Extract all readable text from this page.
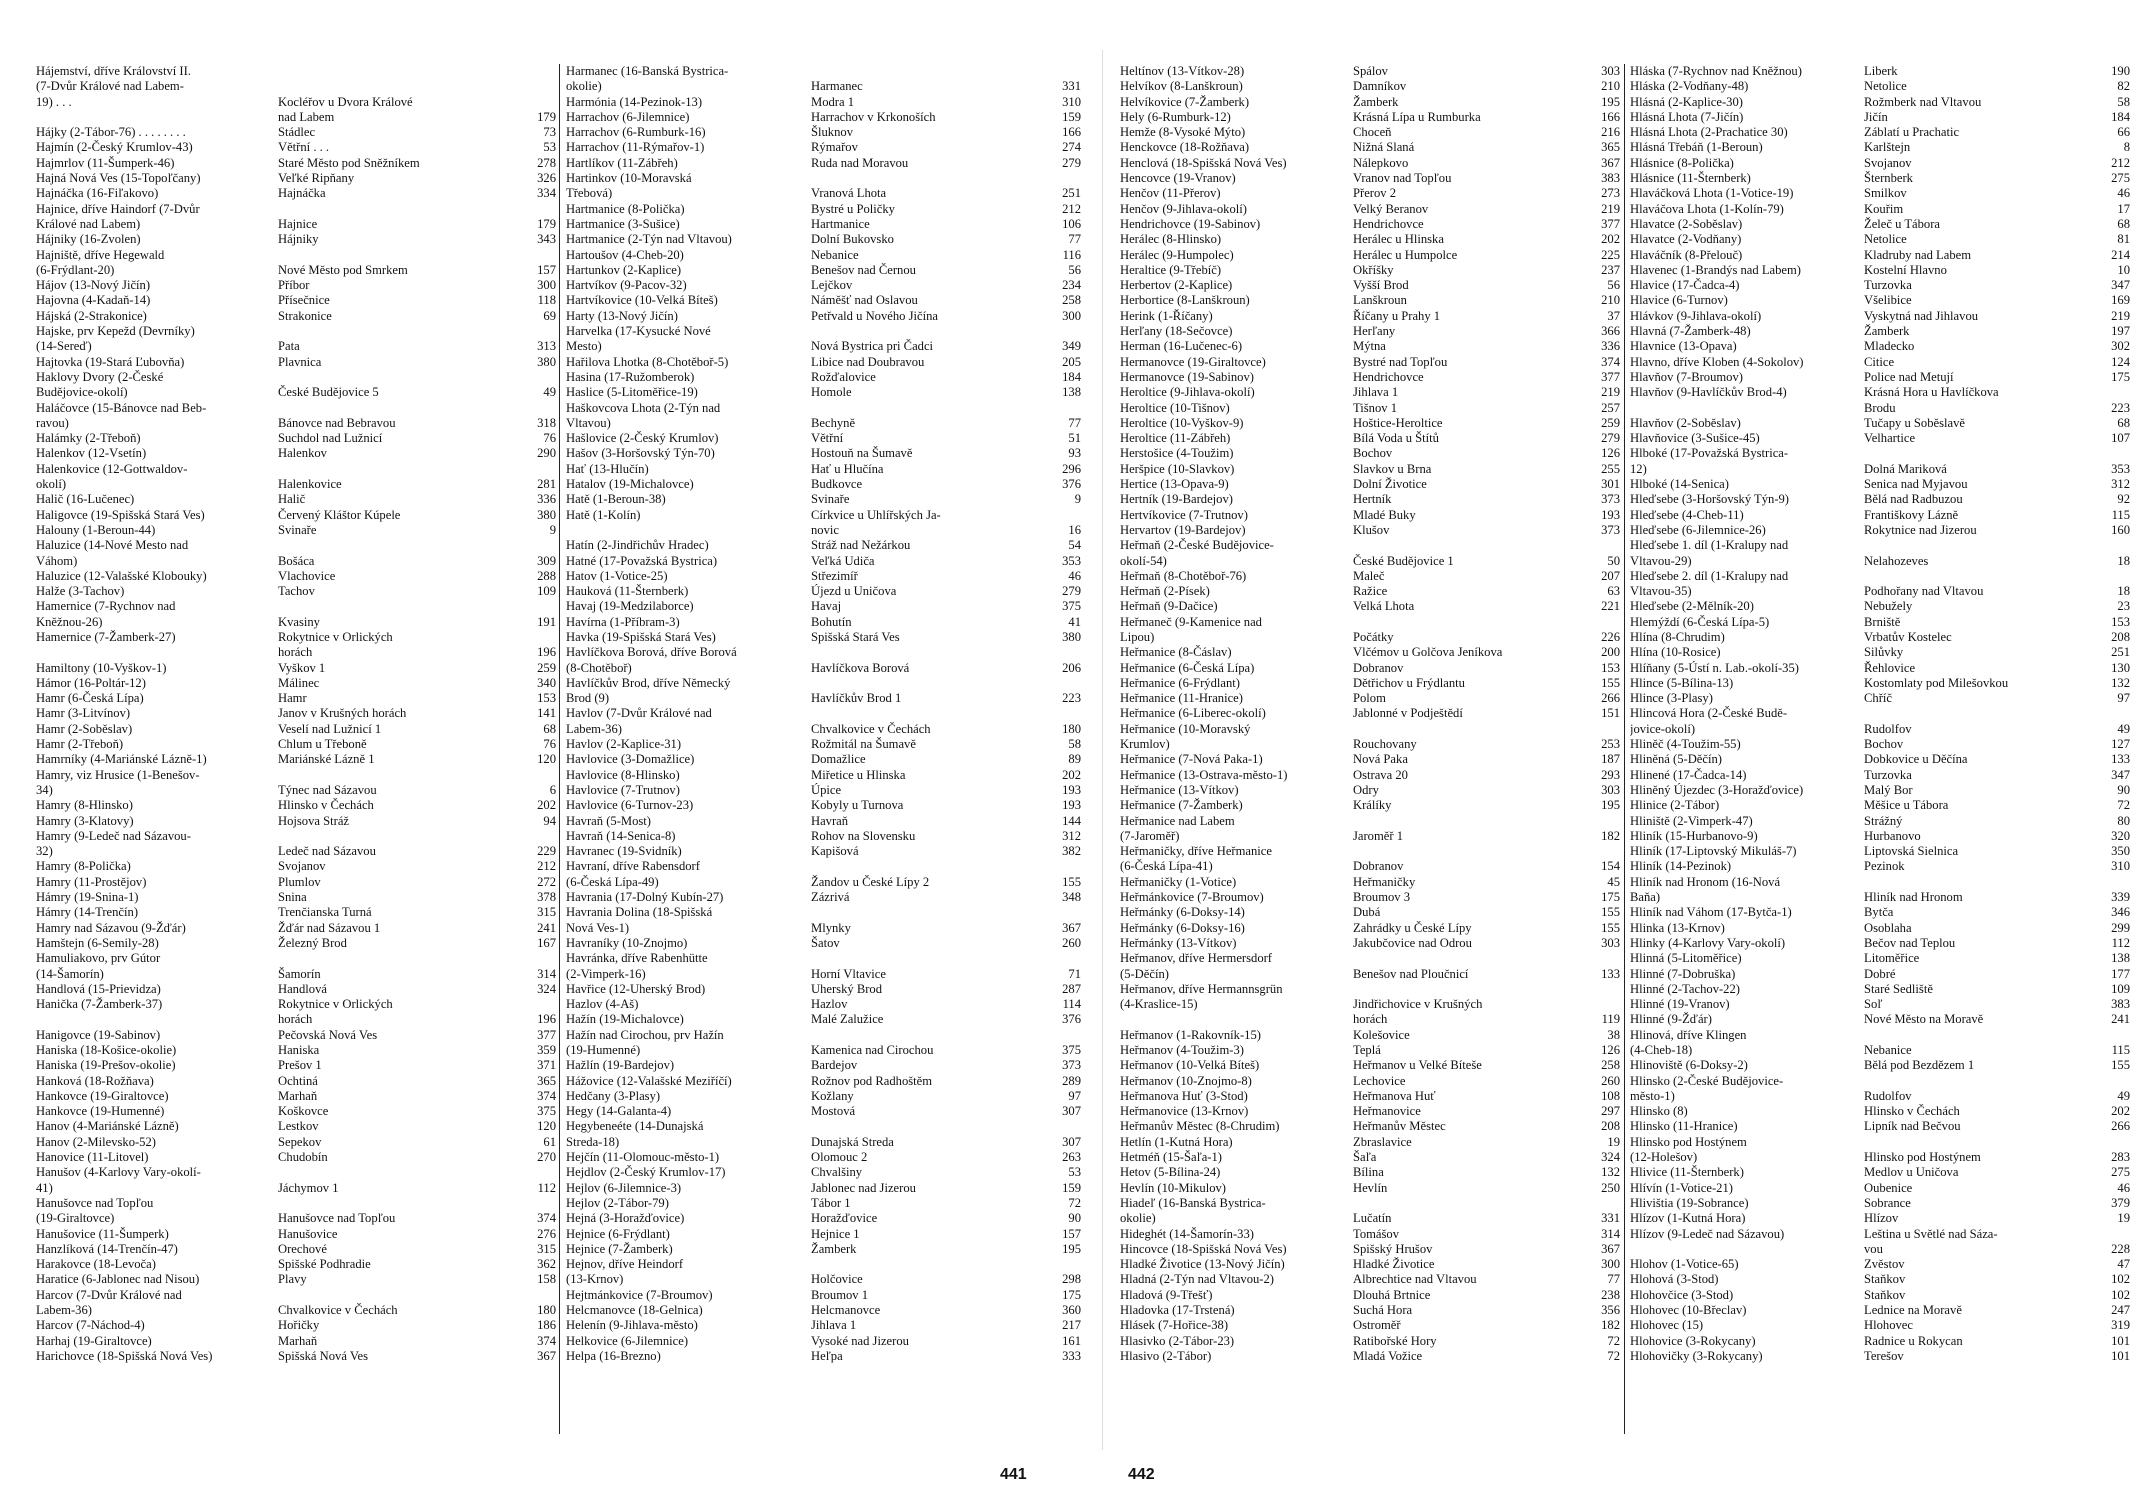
Hájemství, dříve Království II.
(7-Dvůr Králové nad Labem-
19) . . .	Kocléřov u Dvora Králové
nad Labem	179
Hájky (2-Tábor-76) . . . . . . . .	Stádlec	73
Hajmín (2-Český Krumlov-43)	Větřní . . .	53
Hajmrlov (11-Šumperk-46)	Staré Město pod Sněžníkem	278
Hajná Nová Ves (15-Topoľčany)	Veľké Ripňany	326
Hajnáčka (16-Fiľakovo)	Hajnáčka	334
Hajnice, dříve Haindorf (7-Dvůr
Králové nad Labem)	Hajnice	179
Hájniky (16-Zvolen)	Hájniky	343
Hajniště, dříve Hegewald
(6-Frýdlant-20)	Nové Město pod Smrkem	157
Hájov (13-Nový Jičín)	Příbor	300
Hajovna (4-Kadaň-14)	Přísečnice	118
Hájská (2-Strakonice)	Strakonice	69
Hajske, prv Kepežd (Devrníky)
(14-Sereď)	Pata	313
Hajtovka (19-Stará Ľubovňa)	Plavnica	380
Haklovy Dvory (2-České
Budějovice-okolí)	České Budějovice 5	49
Haláčovce (15-Bánovce nad Beb-
ravou)	Bánovce nad Bebravou	318
Halámky (2-Třeboň)	Suchdol nad Lužnicí	76
Halenkov (12-Vsetín)	Halenkov	290
Halenkovice (12-Gottwaldov-
okolí)	Halenkovice	281
Halič (16-Lučenec)	Halič	336
Haligovce (19-Spišská Stará Ves)	Červený Kláštor Kúpele	380
Halouny (1-Beroun-44)	Svinaře	9
Haluzice (14-Nové Mesto nad
Váhom)	Bošáca	309
Haluzice (12-Valašské Klobouky)	Vlachovice	288
Halže (3-Tachov)	Tachov	109
Hamernice (7-Rychnov nad
Kněžnou-26)	Kvasiny	191
Hamernice (7-Žamberk-27)	Rokytnice v Orlických
horách	196
Hamiltony (10-Vyškov-1)	Vyškov 1	259
Hámor (16-Poltár-12)	Málinec	340
Hamr (6-Česká Lípa)	Hamr	153
Hamr (3-Litvínov)	Janov v Krušných horách	141
Hamr (2-Soběslav)	Veselí nad Lužnicí 1	68
Hamr (2-Třeboň)	Chlum u Třeboně	76
Hamrníky (4-Mariánské Lázně-1)	Mariánské Lázně 1	120
Hamry, viz Hrusice (1-Benešov-
34)	Týnec nad Sázavou	6
Hamry (8-Hlinsko)	Hlinsko v Čechách	202
Hamry (3-Klatovy)	Hojsova Stráž	94
Hamry (9-Ledeč nad Sázavou-
32)	Ledeč nad Sázavou	229
Hamry (8-Polička)	Svojanov	212
Hamry (11-Prostějov)	Plumlov	272
Hámry (19-Snina-1)	Snina	378
Hámry (14-Trenčín)	Trenčianska Turná	315
Hamry nad Sázavou (9-Žďár)	Žďár nad Sázavou 1	241
Hamštejn (6-Semily-28)	Železný Brod	167
Hamuliakovo, prv Gútor
(14-Šamorín)	Šamorín	314
Handlová (15-Prievidza)	Handlová	324
Hanička (7-Žamberk-37)	Rokytnice v Orlických
horách	196
Hanigovce (19-Sabinov)	Pečovská Nová Ves	377
Haniska (18-Košice-okolie)	Haniska	359
Haniska (19-Prešov-okolie)	Prešov 1	371
Hanková (18-Rožňava)	Ochtiná	365
Hankovce (19-Giraltovce)	Marhaň	374
Hankovce (19-Humenné)	Koškovce	375
Hanov (4-Mariánské Lázně)	Lestkov	120
Hanov (2-Milevsko-52)	Sepekov	61
Hanovice (11-Litovel)	Chudobín	270
Hanušov (4-Karlovy Vary-okolí-
41)	Jáchymov 1	112
Hanušovce nad Topľou
(19-Giraltovce)	Hanušovce nad Topľou	374
Hanušovice (11-Šumperk)	Hanušovice	276
Hanzlíková (14-Trenčín-47)	Orechové	315
Harakovce (18-Levoča)	Spišské Podhradie	362
Haratice (6-Jablonec nad Nisou)	Plavy	158
Harcov (7-Dvůr Králové nad
Labem-36)	Chvalkovice v Čechách	180
Harcov (7-Náchod-4)	Hořičky	186
Harhaj (19-Giraltovce)	Marhaň	374
Harichovce (18-Spišská Nová Ves)	Spišská Nová Ves	367
Harmanec (16-Banská Bystrica-
okolie)	Harmanec	331
Harmónia (14-Pezinok-13)	Modra 1	310
Harrachov (6-Jilemnice)	Harrachov v Krkonoších	159
Harrachov (6-Rumburk-16)	Šluknov	166
Harrachov (11-Rýmařov-1)	Rýmařov	274
Hartlíkov (11-Zábřeh)	Ruda nad Moravou	279
Hartinkov (10-Moravská
Třebová)	Vranová Lhota	251
Hartmanice (8-Polička)	Bystré u Poličky	212
Hartmanice (3-Sušice)	Hartmanice	106
Hartmanice (2-Týn nad Vltavou)	Dolní Bukovsko	77
Hartoušov (4-Cheb-20)	Nebanice	116
Hartunkov (2-Kaplice)	Benešov nad Černou	56
Hartvíkov (9-Pacov-32)	Lejčkov	234
Hartvíkovice (10-Velká Bíteš)	Náměšť nad Oslavou	258
Harty (13-Nový Jičín)	Petřvald u Nového Jičína	300
Harvelka (17-Kysucké Nové
Mesto)	Nová Bystrica pri Čadci	349
Hařilova Lhotka (8-Chotěboř-5)	Libice nad Doubravou	205
Hasina (17-Ružomberok)	Rožďalovice	184
Haslice (5-Litoměřice-19)	Homole	138
Haškovcova Lhota (2-Týn nad
Vltavou)	Bechyně	77
Hašlovice (2-Český Krumlov)	Větřní	51
Hašov (3-Horšovský Týn-70)	Hostouň na Šumavě	93
Hať (13-Hlučín)	Hať u Hlučína	296
Hatalov (19-Michalovce)	Budkovce	376
Hatě (1-Beroun-38)	Svinaře	9
Hatě (1-Kolín)	Církvice u Uhlířských Ja-
novic	16
Hatín (2-Jindřichův Hradec)	Stráž nad Nežárkou	54
Hatné (17-Považská Bystrica)	Veľká Udiča	353
Hatov (1-Votice-25)	Střezimíř	46
Hauková (11-Šternberk)	Újezd u Uničova	279
Havaj (19-Medzilaborce)	Havaj	375
Havírna (1-Příbram-3)	Bohutín	41
Havka (19-Spišská Stará Ves)	Spišská Stará Ves	380
Havlíčkova Borová, dříve Borová
(8-Chotěboř)	Havlíčkova Borová	206
Havlíčkův Brod, dříve Německý
Brod (9)	Havlíčkův Brod 1	223
Havlov (7-Dvůr Králové nad
Labem-36)	Chvalkovice v Čechách	180
Havlov (2-Kaplice-31)	Rožmitál na Šumavě	58
Havlovice (3-Domažlice)	Domažlice	89
Havlovice (8-Hlinsko)	Miřetice u Hlinska	202
Havlovice (7-Trutnov)	Úpice	193
Havlovice (6-Turnov-23)	Kobyly u Turnova	193
Havraň (5-Most)	Havraň	144
Havraň (14-Senica-8)	Rohov na Slovensku	312
Havranec (19-Svidník)	Kapišová	382
Havraní, dříve Rabensdorf
(6-Česká Lípa-49)	Žandov u České Lípy 2	155
Havrania (17-Dolný Kubín-27)	Zázrivá	348
Havrania Dolina (18-Spišská
Nová Ves-1)	Mlynky	367
Havraníky (10-Znojmo)	Šatov	260
Havránka, dříve Rabenhütte
(2-Vimperk-16)	Horní Vltavice	71
Havřice (12-Uherský Brod)	Uherský Brod	287
Hazlov (4-Aš)	Hazlov	114
Hažín (19-Michalovce)	Malé Zalužice	376
Hažín nad Cirochou, prv Hažín
(19-Humenné)	Kamenica nad Cirochou	375
Hažlín (19-Bardejov)	Bardejov	373
Hážovice (12-Valašské Meziříčí)	Rožnov pod Radhoštěm	289
Hedčany (3-Plasy)	Kožlany	97
Hegy (14-Galanta-4)	Mostová	307
Hegybeneéte (14-Dunajská
Streda-18)	Dunajská Streda	307
Hejčín (11-Olomouc-město-1)	Olomouc 2	263
Hejdlov (2-Český Krumlov-17)	Chvalšiny	53
Hejlov (6-Jilemnice-3)	Jablonec nad Jizerou	159
Hejlov (2-Tábor-79)	Tábor 1	72
Hejná (3-Horažďovice)	Horažďovice	90
Hejnice (6-Frýdlant)	Hejnice 1	157
Hejnice (7-Žamberk)	Žamberk	195
Hejnov, dříve Heindorf
(13-Krnov)	Holčovice	298
Hejtmánkovice (7-Broumov)	Broumov 1	175
Helcmanovce (18-Gelnica)	Helcmanovce	360
Helenín (9-Jihlava-město)	Jihlava 1	217
Helkovice (6-Jilemnice)	Vysoké nad Jizerou	161
Helpa (16-Brezno)	Heľpa	333
Heltínov (13-Vítkov-28)	Spálov	303
Helvíkov (8-Lanškroun)	Damníkov	210
Helvíkovice (7-Žamberk)	Žamberk	195
Hely (6-Rumburk-12)	Krásná Lípa u Rumburka	166
Hemže (8-Vysoké Mýto)	Choceň	216
Henckovce (18-Rožňava)	Nižná Slaná	365
Henclová (18-Spišská Nová Ves)	Nálepkovo	367
Hencovce (19-Vranov)	Vranov nad Topľou	383
Henčov (11-Přerov)	Přerov 2	273
Henčov (9-Jihlava-okolí)	Velký Beranov	219
Hendrichovce (19-Sabinov)	Hendrichovce	377
Herálec (8-Hlinsko)	Herálec u Hlinska	202
Herálec (9-Humpolec)	Herálec u Humpolce	225
Heraltice (9-Třebíč)	Okříšky	237
Herbertov (2-Kaplice)	Vyšší Brod	56
Herbortice (8-Lanškroun)	Lanškroun	210
Herink (1-Říčany)	Říčany u Prahy 1	37
Herľany (18-Sečovce)	Herľany	366
Herman (16-Lučenec-6)	Mýtna	336
Hermanovce (19-Giraltovce)	Bystré nad Topľou	374
Hermanovce (19-Sabinov)	Hendrichovce	377
Heroltice (9-Jihlava-okolí)	Jihlava 1	219
Heroltice (10-Tišnov)	Tišnov 1	257
Heroltice (10-Vyškov-9)	Hoštice-Heroltice	259
Heroltice (11-Zábřeh)	Bílá Voda u Štítů	279
Herstošice (4-Toužim)	Bochov	126
Heršpice (10-Slavkov)	Slavkov u Brna	255
Hertice (13-Opava-9)	Dolní Životice	301
Hertník (19-Bardejov)	Hertník	373
Hertvíkovice (7-Trutnov)	Mladé Buky	193
Hervartov (19-Bardejov)	Klušov	373
Heřmaň (2-České Budějovice-
okolí-54)	České Budějovice 1	50
Heřmaň (8-Chotěboř-76)	Maleč	207
Heřmaň (2-Písek)	Ražice	63
Heřmaň (9-Dačice)	Velká Lhota	221
Heřmaneč (9-Kamenice nad
Lipou)	Počátky	226
Heřmanice (8-Čáslav)	Vlčémov u Golčova Jeníkova	200
Heřmanice (6-Česká Lípa)	Dobranov	153
Heřmanice (6-Frýdlant)	Dětřichov u Frýdlantu	155
Heřmanice (11-Hranice)	Polom	266
Heřmanice (6-Liberec-okolí)	Jablonné v Podještědí	151
Heřmanice (10-Moravský
Krumlov)	Rouchovany	253
Heřmanice (7-Nová Paka-1)	Nová Paka	187
Heřmanice (13-Ostrava-město-1)	Ostrava 20	293
Heřmanice (13-Vítkov)	Odry	303
Heřmanice (7-Žamberk)	Králíky	195
Heřmanice nad Labem
(7-Jaroměř)	Jaroměř 1	182
Heřmaničky, dříve Heřmanice
(6-Česká Lípa-41)	Dobranov	154
Heřmaničky (1-Votice)	Heřmaničky	45
Heřmánkovice (7-Broumov)	Broumov 3	175
Heřmánky (6-Doksy-14)	Dubá	155
Heřmánky (6-Doksy-16)	Zahrádky u České Lípy	155
Heřmánky (13-Vítkov)	Jakubčovice nad Odrou	303
Heřmanov, dříve Hermersdorf
(5-Děčín)	Benešov nad Ploučnicí	133
Heřmanov, dříve Hermannsgrün
(4-Kraslice-15)	Jindřichovice v Krušných
horách	119
Heřmanov (1-Rakovník-15)	Kolešovice	38
Heřmanov (4-Toužim-3)	Teplá	126
Heřmanov (10-Velká Bíteš)	Heřmanov u Velké Bíteše	258
Heřmanov (10-Znojmo-8)	Lechovice	260
Heřmanova Huť (3-Stod)	Heřmanova Huť	108
Heřmanovice (13-Krnov)	Heřmanovice	297
Heřmanův Městec (8-Chrudim)	Heřmanův Městec	208
Hetlín (1-Kutná Hora)	Zbraslavice	19
Hetméň (15-Šaľa-1)	Šaľa	324
Hetov (5-Bílina-24)	Bílina	132
Hevlín (10-Mikulov)	Hevlín	250
Hiadeľ (16-Banská Bystrica-
okolie)	Lučatín	331
Hideghét (14-Šamorín-33)	Tomášov	314
Hincovce (18-Spišská Nová Ves)	Spišský Hrušov	367
Hladké Životice (13-Nový Jičín)	Hladké Životice	300
Hladná (2-Týn nad Vltavou-2)	Albrechtice nad Vltavou	77
Hladová (9-Třešť)	Dlouhá Brtnice	238
Hladovka (17-Trstená)	Suchá Hora	356
Hlásek (7-Hořice-38)	Ostroměř	182
Hlasivko (2-Tábor-23)	Ratibořské Hory	72
Hlasivo (2-Tábor)	Mladá Vožice	72
Hláska (7-Rychnov nad Kněžnou)	Liberk	190
Hláska (2-Vodňany-48)	Netolice	82
Hlásná (2-Kaplice-30)	Rožmberk nad Vltavou	58
Hlásná Lhota (7-Jičín)	Jičín	184
Hlásná Lhota (2-Prachatice 30)	Záblatí u Prachatic	66
Hlásná Třebáň (1-Beroun)	Karlštejn	8
Hlásnice (8-Polička)	Svojanov	212
Hlásnice (11-Šternberk)	Šternberk	275
Hlaváčková Lhota (1-Votice-19)	Smilkov	46
Hlaváčova Lhota (1-Kolín-79)	Kouřim	17
Hlavatce (2-Soběslav)	Želeč u Tábora	68
Hlavatce (2-Vodňany)	Netolice	81
Hlaváčník (8-Přelouč)	Kladruby nad Labem	214
Hlavenec (1-Brandýs nad Labem)	Kostelní Hlavno	10
Hlavice (17-Čadca-4)	Turzovka	347
Hlavice (6-Turnov)	Všelibice	169
Hlávkov (9-Jihlava-okolí)	Vyskytná nad Jihlavou	219
Hlavná (7-Žamberk-48)	Žamberk	197
Hlavnice (13-Opava)	Mladecko	302
Hlavno, dříve Kloben (4-Sokolov)	Citice	124
Hlavňov (7-Broumov)	Police nad Metují	175
Hlavňov (9-Havlíčkův Brod-4)	Krásná Hora u Havlíčkova
Brodu	223
Hlavňov (2-Soběslav)	Tučapy u Soběslavě	68
Hlavňovice (3-Sušice-45)	Velhartice	107
Hlboké (17-Považská Bystrica-
12)	Dolná Mariková	353
Hlboké (14-Senica)	Senica nad Myjavou	312
Hleďsebe (3-Horšovský Týn-9)	Bělá nad Radbuzou	92
Hleďsebe (4-Cheb-11)	Františkovy Lázně	115
Hleďsebe (6-Jilemnice-26)	Rokytnice nad Jizerou	160
Hleďsebe 1. díl (1-Kralupy nad
Vltavou-29)	Nelahozeves	18
Hleďsebe 2. díl (1-Kralupy nad
Vltavou-35)	Podhořany nad Vltavou	18
Hleďsebe (2-Mělník-20)	Nebužely	23
Hlemýždí (6-Česká Lípa-5)	Brniště	153
Hlína (8-Chrudim)	Vrbatův Kostelec	208
Hlína (10-Rosice)	Silůvky	251
Hlíňany (5-Ústí n. Lab.-okolí-35)	Řehlovice	130
Hlince (5-Bílina-13)	Kostomlaty pod Milešovkou	132
Hlince (3-Plasy)	Chříč	97
Hlincová Hora (2-České Budě-
jovice-okolí)	Rudolfov	49
Hliněč (4-Toužim-55)	Bochov	127
Hliněná (5-Děčín)	Dobkovice u Děčína	133
Hlinené (17-Čadca-14)	Turzovka	347
Hliněný Újezdec (3-Horažďovice)	Malý Bor	90
Hlinice (2-Tábor)	Měšice u Tábora	72
Hliniště (2-Vimperk-47)	Strážný	80
Hliník (15-Hurbanovo-9)	Hurbanovo	320
Hliník (17-Liptovský Mikuláš-7)	Liptovská Sielnica	350
Hliník (14-Pezinok)	Pezinok	310
Hliník nad Hronom (16-Nová
Baňa)	Hliník nad Hronom	339
Hliník nad Váhom (17-Bytča-1)	Bytča	346
Hlinka (13-Krnov)	Osoblaha	299
Hlinky (4-Karlovy Vary-okolí)	Bečov nad Teplou	112
Hlinná (5-Litoměřice)	Litoměřice	138
Hlinné (7-Dobruška)	Dobré	177
Hlinné (2-Tachov-22)	Staré Sedliště	109
Hlinné (19-Vranov)	Soľ	383
Hlinné (9-Žďár)	Nové Město na Moravě	241
Hlinová, dříve Klingen
(4-Cheb-18)	Nebanice	115
Hlinoviště (6-Doksy-2)	Bělá pod Bezdězem 1	155
Hlinsko (2-České Budějovice-
město-1)	Rudolfov	49
Hlinsko (8)	Hlinsko v Čechách	202
Hlinsko (11-Hranice)	Lipník nad Bečvou	266
Hlinsko pod Hostýnem
(12-Holešov)	Hlinsko pod Hostýnem	283
Hlivice (11-Šternberk)	Medlov u Uničova	275
Hlívín (1-Votice-21)	Oubenice	46
Hlivištia (19-Sobrance)	Sobrance	379
Hlízov (1-Kutná Hora)	Hlízov	19
Hlízov (9-Ledeč nad Sázavou)	Leština u Světlé nad Sáza-
vou	228
Hlohov (1-Votice-65)	Zvěstov	47
Hlohová (3-Stod)	Staňkov	102
Hlohovčice (3-Stod)	Staňkov	102
Hlohovec (10-Břeclav)	Lednice na Moravě	247
Hlohovec (15)	Hlohovec	319
Hlohovice (3-Rokycany)	Radnice u Rokycan	101
Hlohovičky (3-Rokycany)	Terešov	101
441	442
